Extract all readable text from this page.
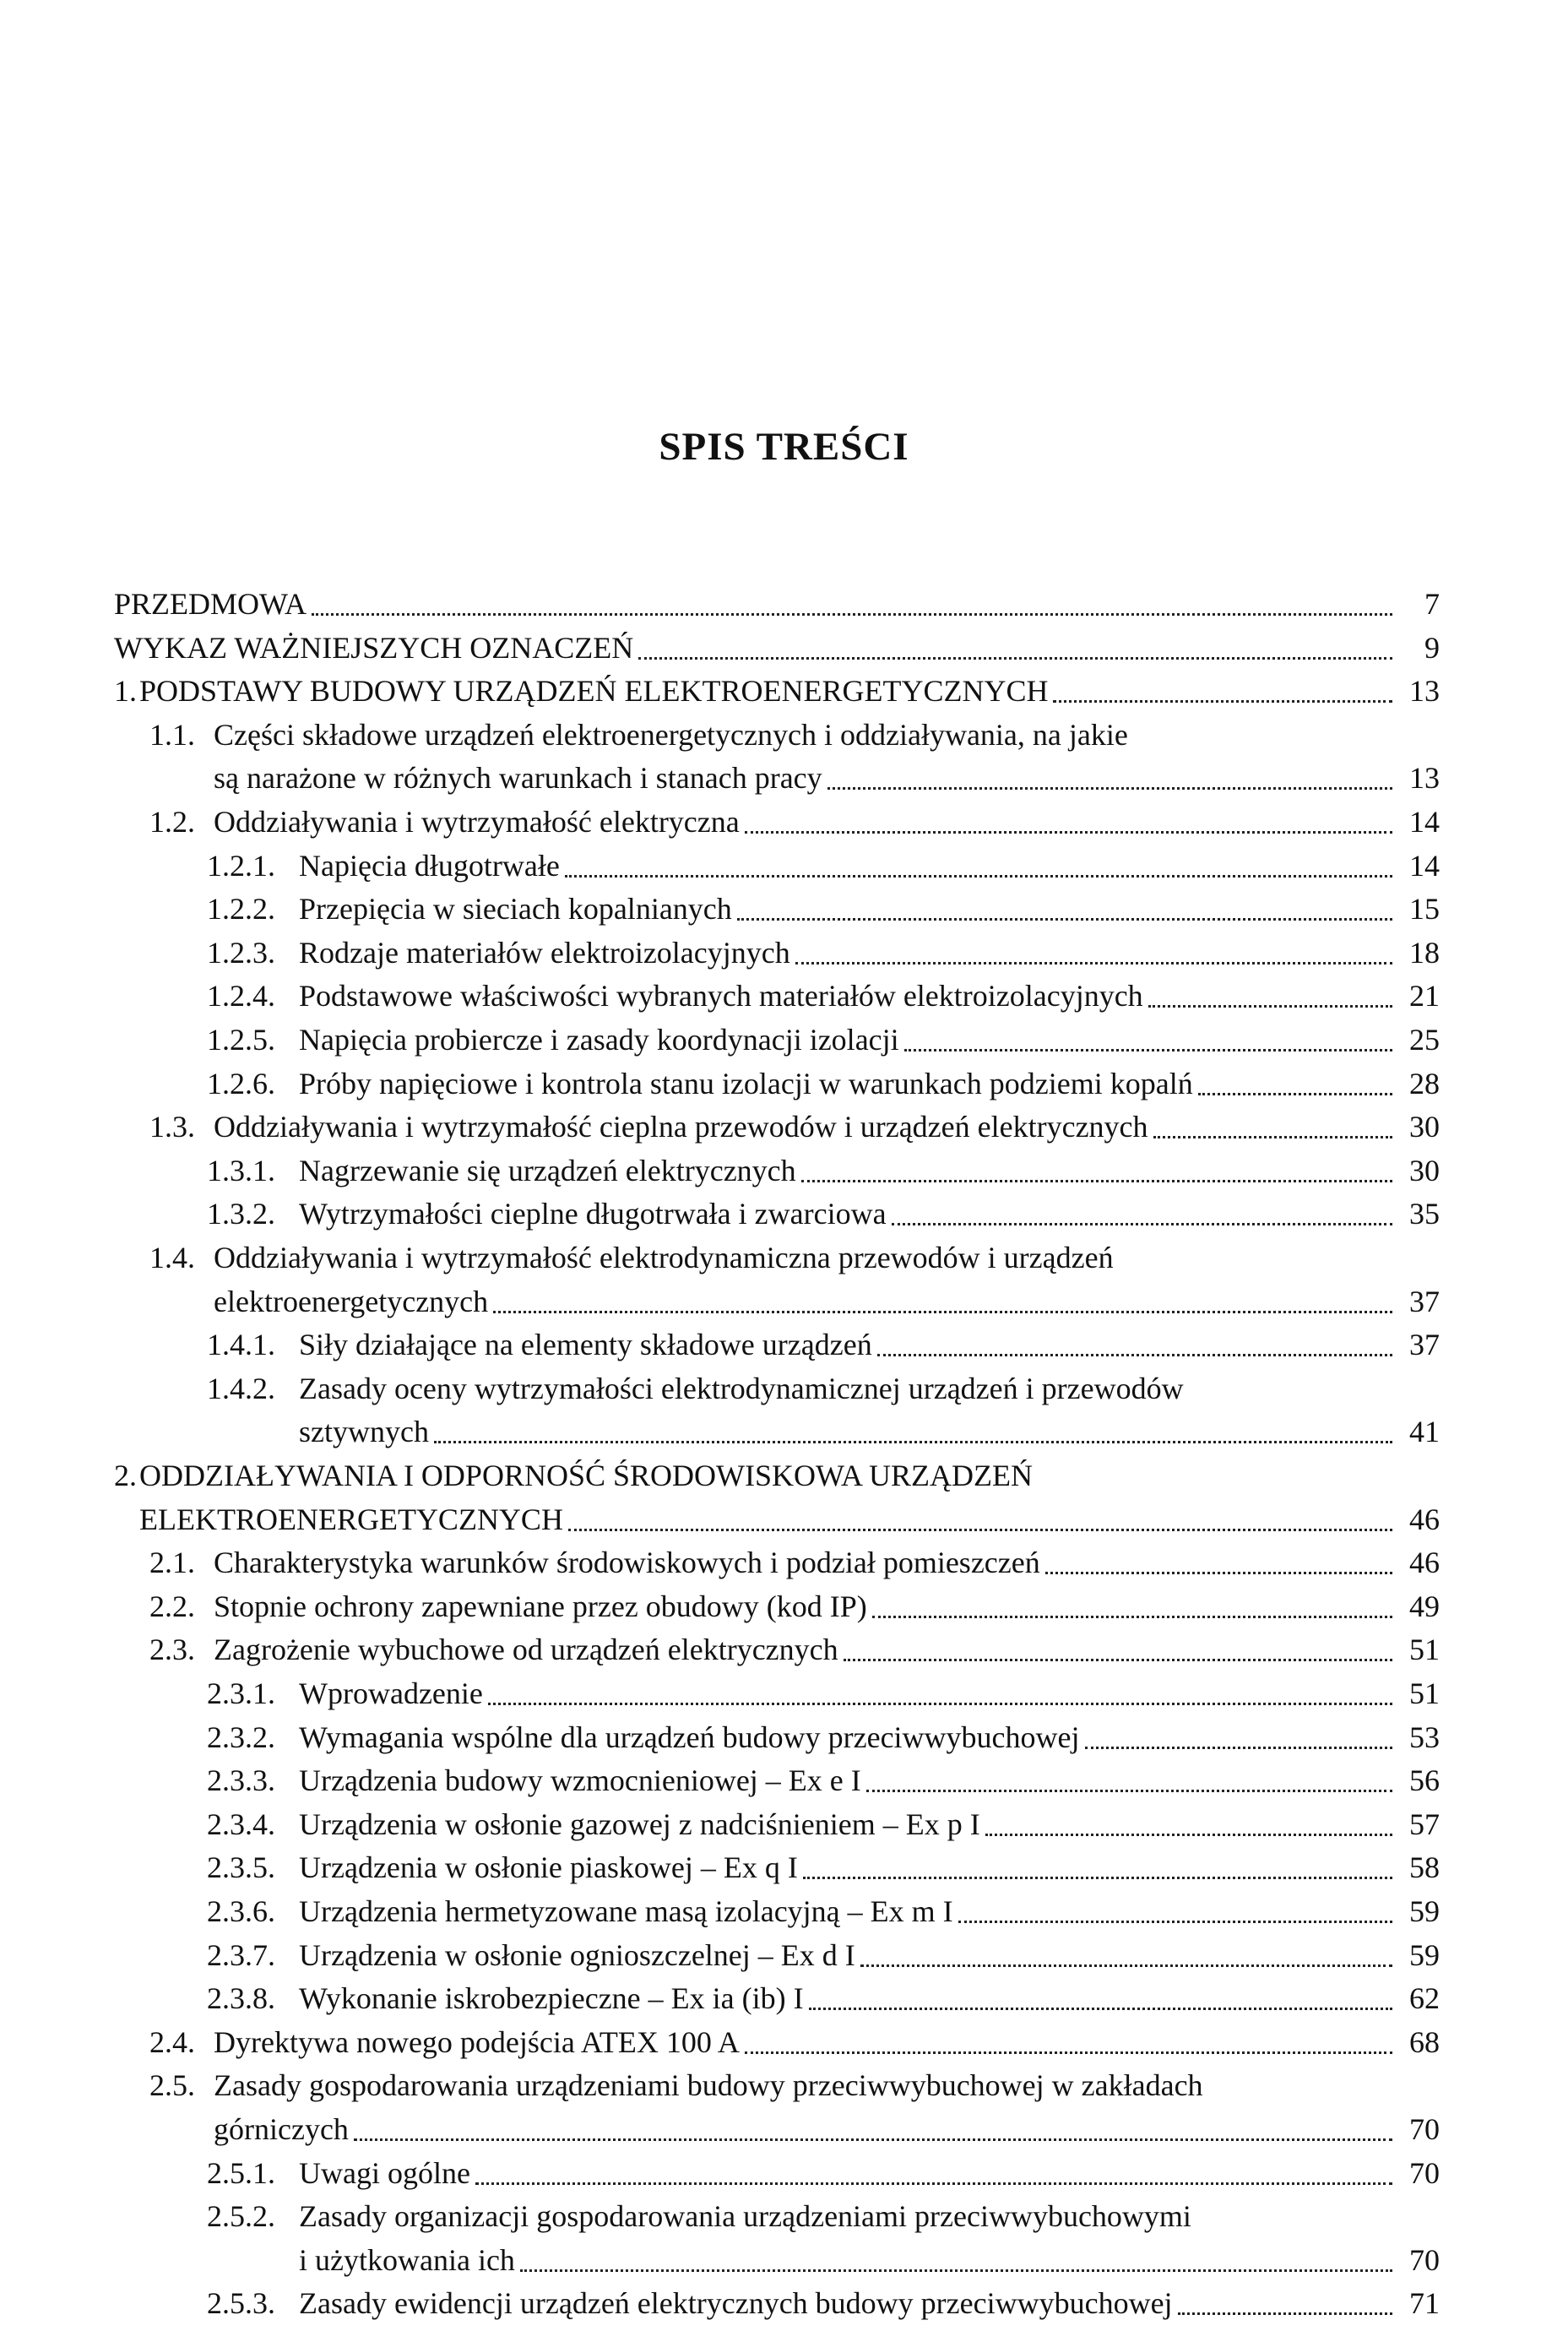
SPIS TREŚCI
PRZEDMOWA	7
WYKAZ WAŻNIEJSZYCH OZNACZEŃ	9
1. PODSTAWY BUDOWY URZĄDZEŃ ELEKTROENERGETYCZNYCH	13
1.1. Części składowe urządzeń elektroenergetycznych i oddziaływania, na jakie
są narażone w różnych warunkach i stanach pracy	13
1.2. Oddziaływania i wytrzymałość elektryczna	14
1.2.1. Napięcia długotrwałe	14
1.2.2. Przepięcia w sieciach kopalnianych	15
1.2.3. Rodzaje materiałów elektroizolacyjnych	18
1.2.4. Podstawowe właściwości wybranych materiałów elektroizolacyjnych	21
1.2.5. Napięcia probiercze i zasady koordynacji izolacji	25
1.2.6. Próby napięciowe i kontrola stanu izolacji w warunkach podziemi kopalń	28
1.3. Oddziaływania i wytrzymałość cieplna przewodów i urządzeń elektrycznych	30
1.3.1. Nagrzewanie się urządzeń elektrycznych	30
1.3.2. Wytrzymałości cieplne długotrwała i zwarciowa	35
1.4. Oddziaływania i wytrzymałość elektrodynamiczna przewodów i urządzeń
elektroenergetycznych	37
1.4.1. Siły działające na elementy składowe urządzeń	37
1.4.2. Zasady oceny wytrzymałości elektrodynamicznej urządzeń i przewodów
sztywnych	41
2. ODDZIAŁYWANIA I ODPORNOŚĆ ŚRODOWISKOWA URZĄDZEŃ
ELEKTROENERGETYCZNYCH	46
2.1. Charakterystyka warunków środowiskowych i podział pomieszczeń	46
2.2. Stopnie ochrony zapewniane przez obudowy (kod IP)	49
2.3. Zagrożenie wybuchowe od urządzeń elektrycznych	51
2.3.1. Wprowadzenie	51
2.3.2. Wymagania wspólne dla urządzeń budowy przeciwwybuchowej	53
2.3.3. Urządzenia budowy wzmocnieniowej – Ex e I	56
2.3.4. Urządzenia w osłonie gazowej z nadciśnieniem – Ex p I	57
2.3.5. Urządzenia w osłonie piaskowej – Ex q I	58
2.3.6. Urządzenia hermetyzowane masą izolacyjną – Ex m I	59
2.3.7. Urządzenia w osłonie ognioszczelnej – Ex d I	59
2.3.8. Wykonanie iskrobezpieczne – Ex ia (ib) I	62
2.4. Dyrektywa nowego podejścia ATEX 100 A	68
2.5. Zasady gospodarowania urządzeniami budowy przeciwwybuchowej w zakładach
górniczych	70
2.5.1. Uwagi ogólne	70
2.5.2. Zasady organizacji gospodarowania urządzeniami przeciwwybuchowymi
i użytkowania ich	70
2.5.3. Zasady ewidencji urządzeń elektrycznych budowy przeciwwybuchowej	71
